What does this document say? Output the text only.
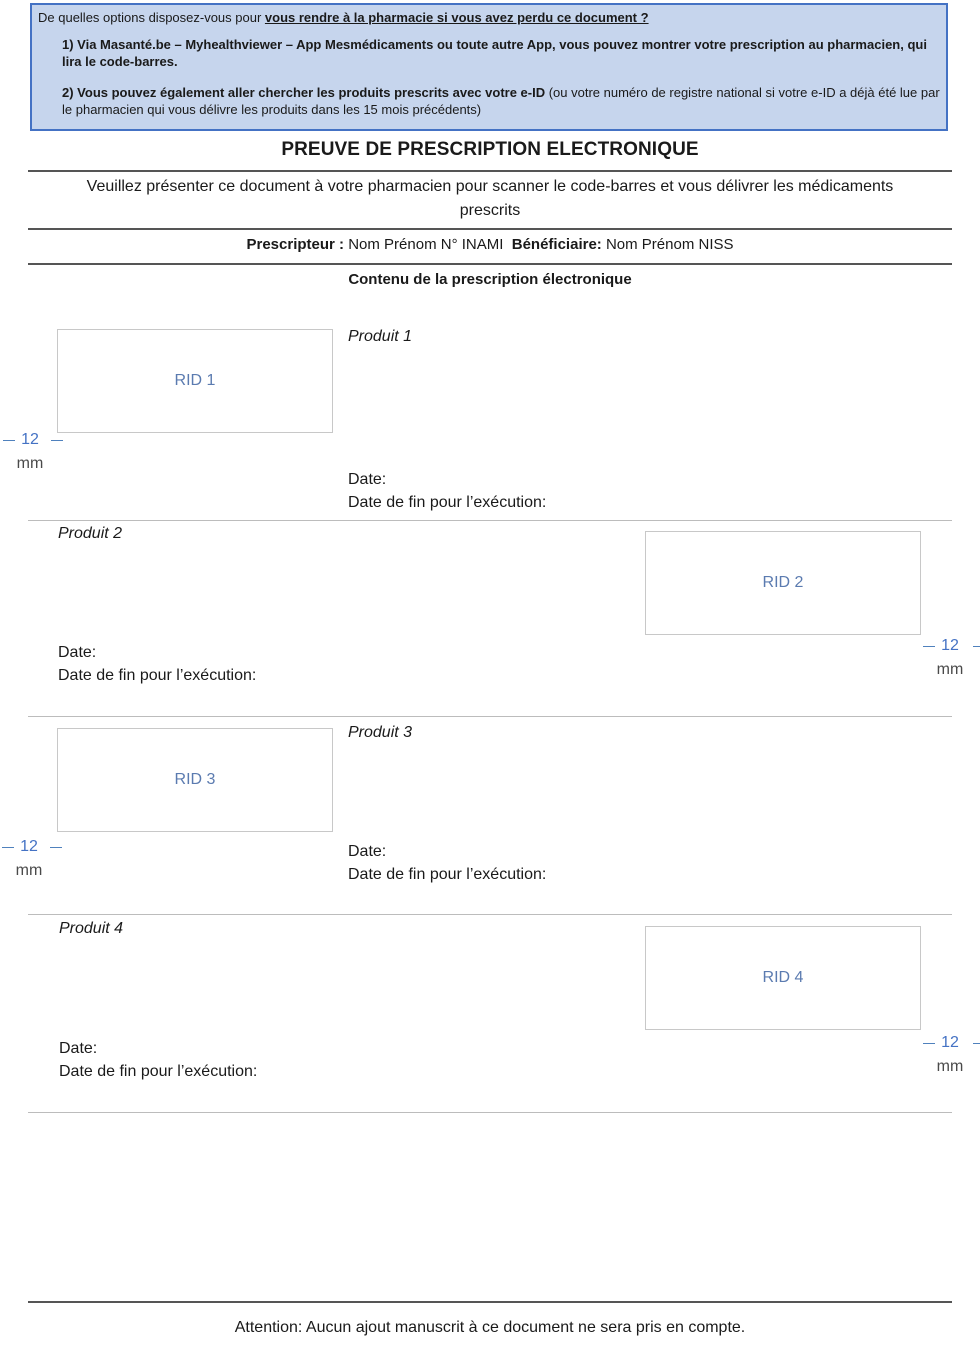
De quelles options disposez-vous pour vous rendre à la pharmacie si vous avez perdu ce document ?
1) Via Masanté.be – Myhealthviewer – App Mesmédicaments ou toute autre App, vous pouvez montrer votre prescription au pharmacien, qui lira le code-barres.
2) Vous pouvez également aller chercher les produits prescrits avec votre e-ID (ou votre numéro de registre national si votre e-ID a déjà été lue par le pharmacien qui vous délivre les produits dans les 15 mois précédents)
PREUVE DE PRESCRIPTION ELECTRONIQUE
Veuillez présenter ce document à votre pharmacien pour scanner le code-barres et vous délivrer les médicaments prescrits
Prescripteur : Nom Prénom N° INAMI Bénéficiaire: Nom Prénom NISS
Contenu de la prescription électronique
RID 1
Produit 1
Date:
Date de fin pour l’exécution:
12
mm
Produit 2
RID 2
Date:
Date de fin pour l’exécution:
12
mm
RID 3
Produit 3
Date:
Date de fin pour l’exécution:
12
mm
Produit 4
RID 4
Date:
Date de fin pour l’exécution:
12
mm
Attention: Aucun ajout manuscrit à ce document ne sera pris en compte.
